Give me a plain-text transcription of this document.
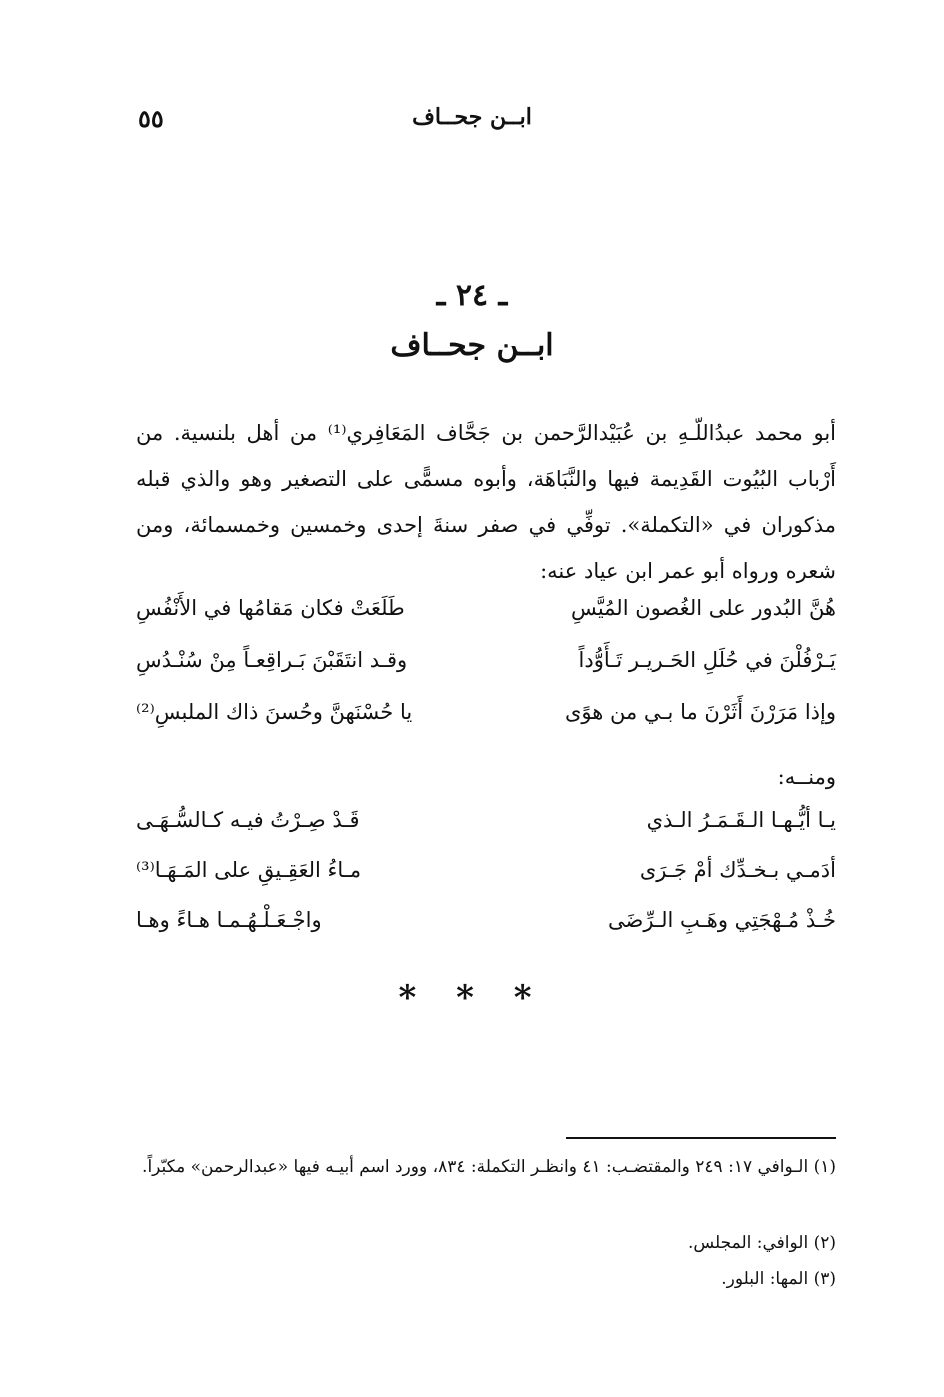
ابــن جحــاف
٥٥
ـ ٢٤ ـ
ابــن جحــاف

أبو محمد عبدُاللّـهِ بن عُبَيْدالرَّحمن بن جَحَّاف المَعَافِري⁽¹⁾ من أهل بلنسية. من أَرْباب البُيُوت القَدِيمة فيها والنَّبَاهَة، وأبوه مسمًّى على التصغير وهو والذي قبله مذكوران في «التكملة». توفِّي في صفر سنةَ إحدى وخمسين وخمسمائة، ومن شعره ورواه أبو عمر ابن عياد عنه:

هُنَّ البُدور على الغُصون المُيَّسِ
طَلَعَتْ فكان مَقامُها في الأَنْفُسِ
يَـرْفُلْنَ في حُلَلِ الحَـريـر تَـأَوُّداً
وقـد انتَقَبْنَ بَـراقِعـاً مِنْ سُنْـدُسِ
وإذا مَرَرْنَ أَثَرْنَ ما بـي من هوًى
يا حُسْنَهنَّ وحُسنَ ذاك الملبسِ⁽²⁾
ومنــه:
يـا أيُّـهـا الـقَـمَـرُ الـذي
قَـدْ صِـرْتُ فيـه كـالسُّـهَـى
أدَمـي بـخـدِّك أمْ جَـرَى
مـاءُ العَقِـيقِ على المَـهَـا⁽³⁾
خُـذْ مُـهْجَتِي وهَـبِ الـرِّضَى
واجْـعَـلْـهُـمـا هـاءً وهـا
* * *
(١) الـوافي ١٧: ٢٤٩ والمقتضـب: ٤١ وانظـر التكملة: ٨٣٤، وورد اسم أبيـه فيها «عبدالرحمن» مكبّراً.
(٢) الوافي: المجلس.
(٣) المها: البلور.
